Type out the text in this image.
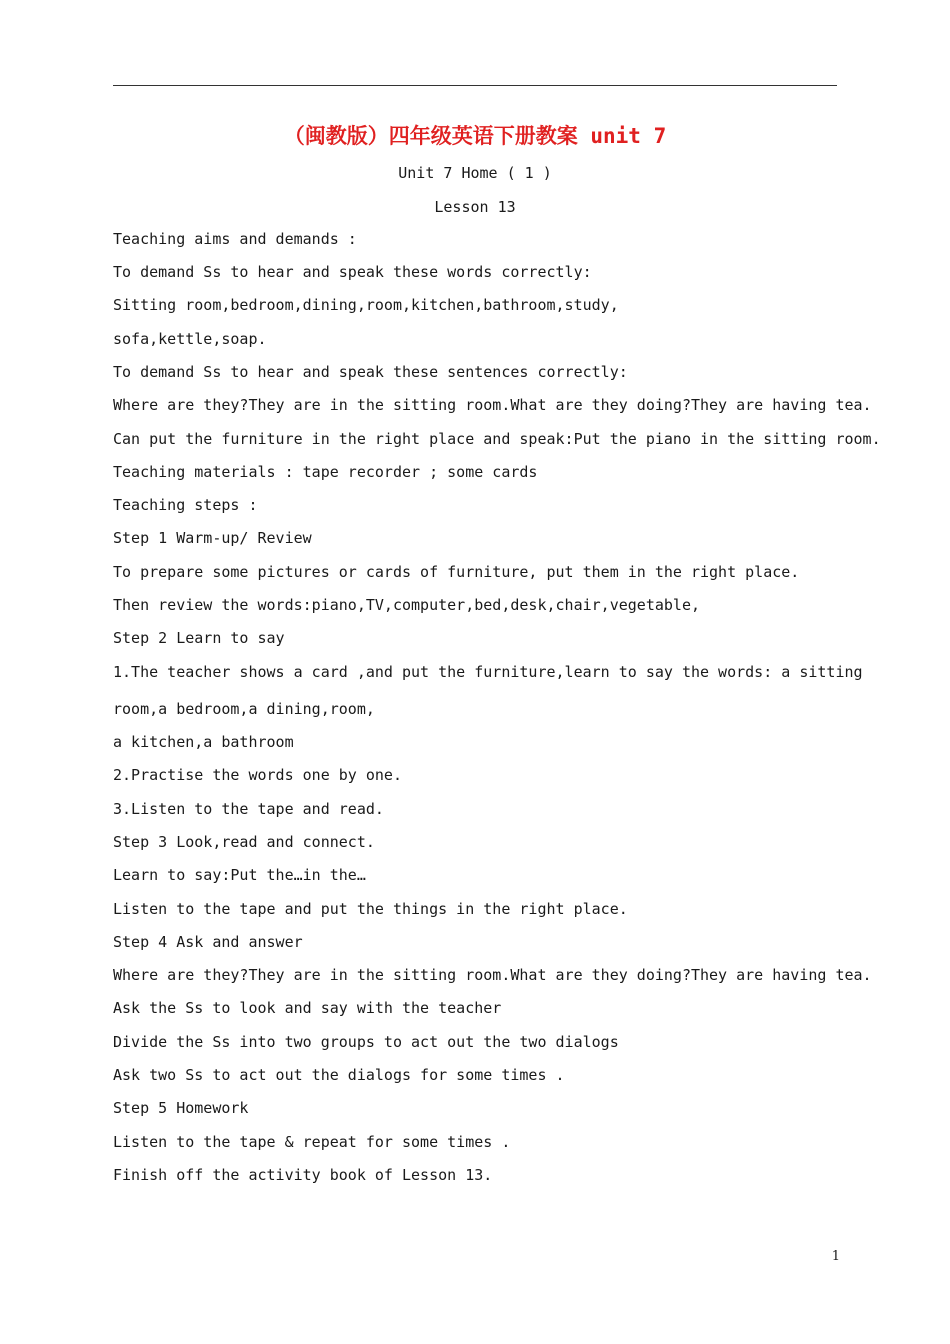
（闽教版）四年级英语下册教案 unit 7
Unit 7 Home ( 1 )
Lesson 13
Teaching aims and demands :
To demand Ss to hear and speak these words correctly:
Sitting room,bedroom,dining,room,kitchen,bathroom,study,
sofa,kettle,soap.
To demand Ss to hear and speak these sentences correctly:
Where are they?They are in the sitting room.What are they doing?They are having tea.
Can put the furniture in the right place and speak:Put the piano in the sitting room.
Teaching materials : tape recorder ; some cards
Teaching steps :
Step 1 Warm-up/ Review
To prepare some pictures or cards of furniture, put them in the right place.
Then review the words:piano,TV,computer,bed,desk,chair,vegetable,
Step 2 Learn to say
1.The teacher shows a card ,and put the furniture,learn to say the words: a sitting
room,a bedroom,a dining,room,
a kitchen,a bathroom
2.Practise the words one by one.
3.Listen to the tape and read.
Step 3 Look,read and connect.
Learn to say:Put the…in the…
Listen to the tape and put the things in the right place.
Step 4 Ask and answer
Where are they?They are in the sitting room.What are they doing?They are having tea.
Ask the Ss to look and say with the teacher
Divide the Ss into two groups to act out the two dialogs
Ask two Ss to act out the dialogs for some times .
Step 5 Homework
Listen to the tape & repeat for some times .
Finish off the activity book of Lesson 13.
1
